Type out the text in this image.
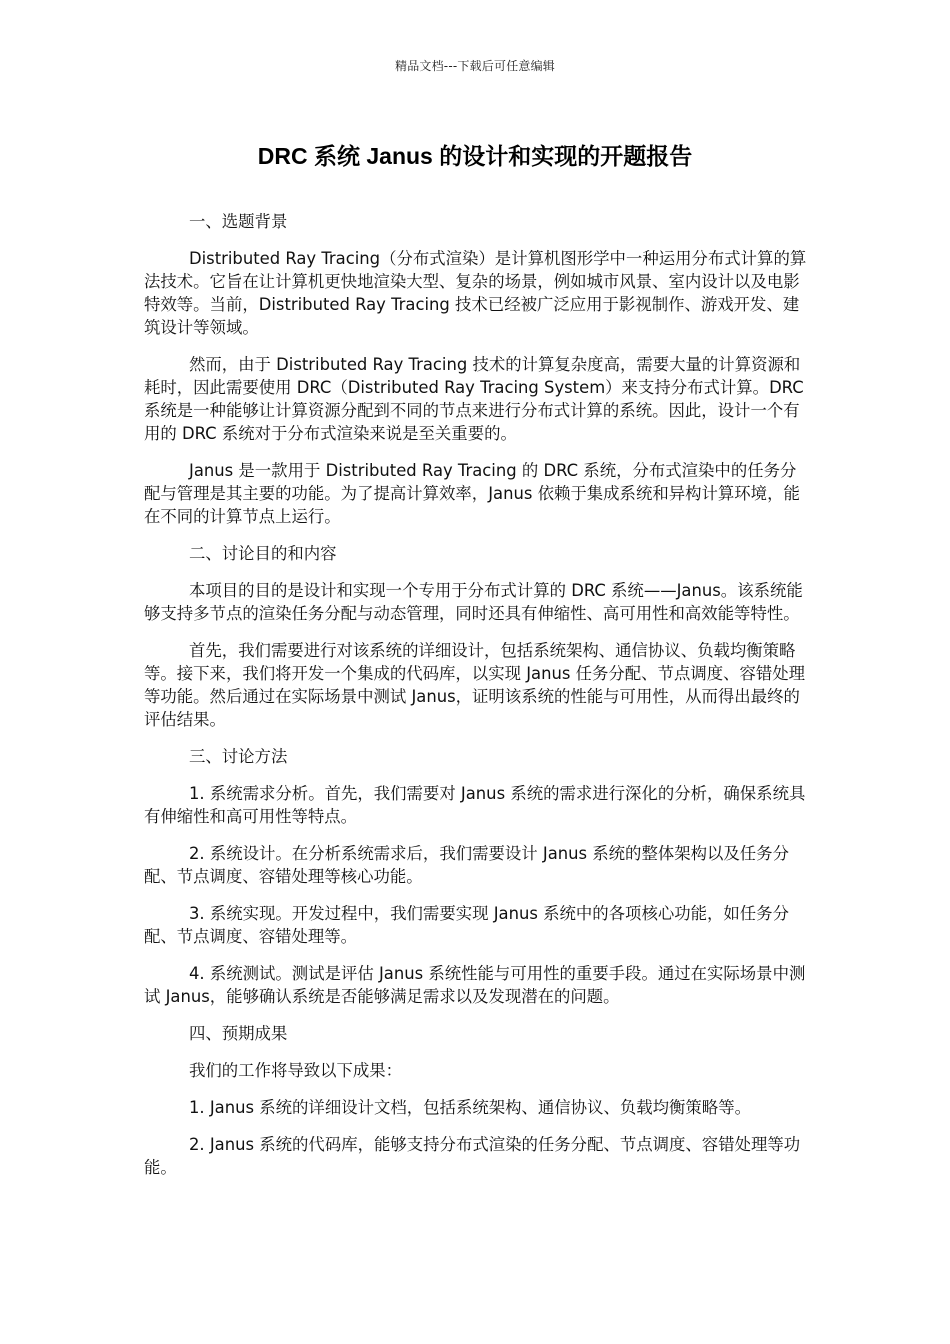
精品文档---下载后可任意编辑
DRC 系统 Janus 的设计和实现的开题报告

一、选题背景

Distributed Ray Tracing（分布式渲染）是计算机图形学中一种运用分布式计算的算法技术。它旨在让计算机更快地渲染大型、复杂的场景，例如城市风景、室内设计以及电影特效等。当前，Distributed Ray Tracing 技术已经被广泛应用于影视制作、游戏开发、建筑设计等领域。

然而，由于 Distributed Ray Tracing 技术的计算复杂度高，需要大量的计算资源和耗时，因此需要使用 DRC（Distributed Ray Tracing System）来支持分布式计算。DRC 系统是一种能够让计算资源分配到不同的节点来进行分布式计算的系统。因此，设计一个有用的 DRC 系统对于分布式渲染来说是至关重要的。

Janus 是一款用于 Distributed Ray Tracing 的 DRC 系统，分布式渲染中的任务分配与管理是其主要的功能。为了提高计算效率，Janus 依赖于集成系统和异构计算环境，能在不同的计算节点上运行。

二、讨论目的和内容

本项目的目的是设计和实现一个专用于分布式计算的 DRC 系统——Janus。该系统能够支持多节点的渲染任务分配与动态管理，同时还具有伸缩性、高可用性和高效能等特性。

首先，我们需要进行对该系统的详细设计，包括系统架构、通信协议、负载均衡策略等。接下来，我们将开发一个集成的代码库，以实现 Janus 任务分配、节点调度、容错处理等功能。然后通过在实际场景中测试 Janus，证明该系统的性能与可用性，从而得出最终的评估结果。

三、讨论方法

1. 系统需求分析。首先，我们需要对 Janus 系统的需求进行深化的分析，确保系统具有伸缩性和高可用性等特点。

2. 系统设计。在分析系统需求后，我们需要设计 Janus 系统的整体架构以及任务分配、节点调度、容错处理等核心功能。

3. 系统实现。开发过程中，我们需要实现 Janus 系统中的各项核心功能，如任务分配、节点调度、容错处理等。

4. 系统测试。测试是评估 Janus 系统性能与可用性的重要手段。通过在实际场景中测试 Janus，能够确认系统是否能够满足需求以及发现潜在的问题。

四、预期成果

我们的工作将导致以下成果：

1. Janus 系统的详细设计文档，包括系统架构、通信协议、负载均衡策略等。

2. Janus 系统的代码库，能够支持分布式渲染的任务分配、节点调度、容错处理等功能。
